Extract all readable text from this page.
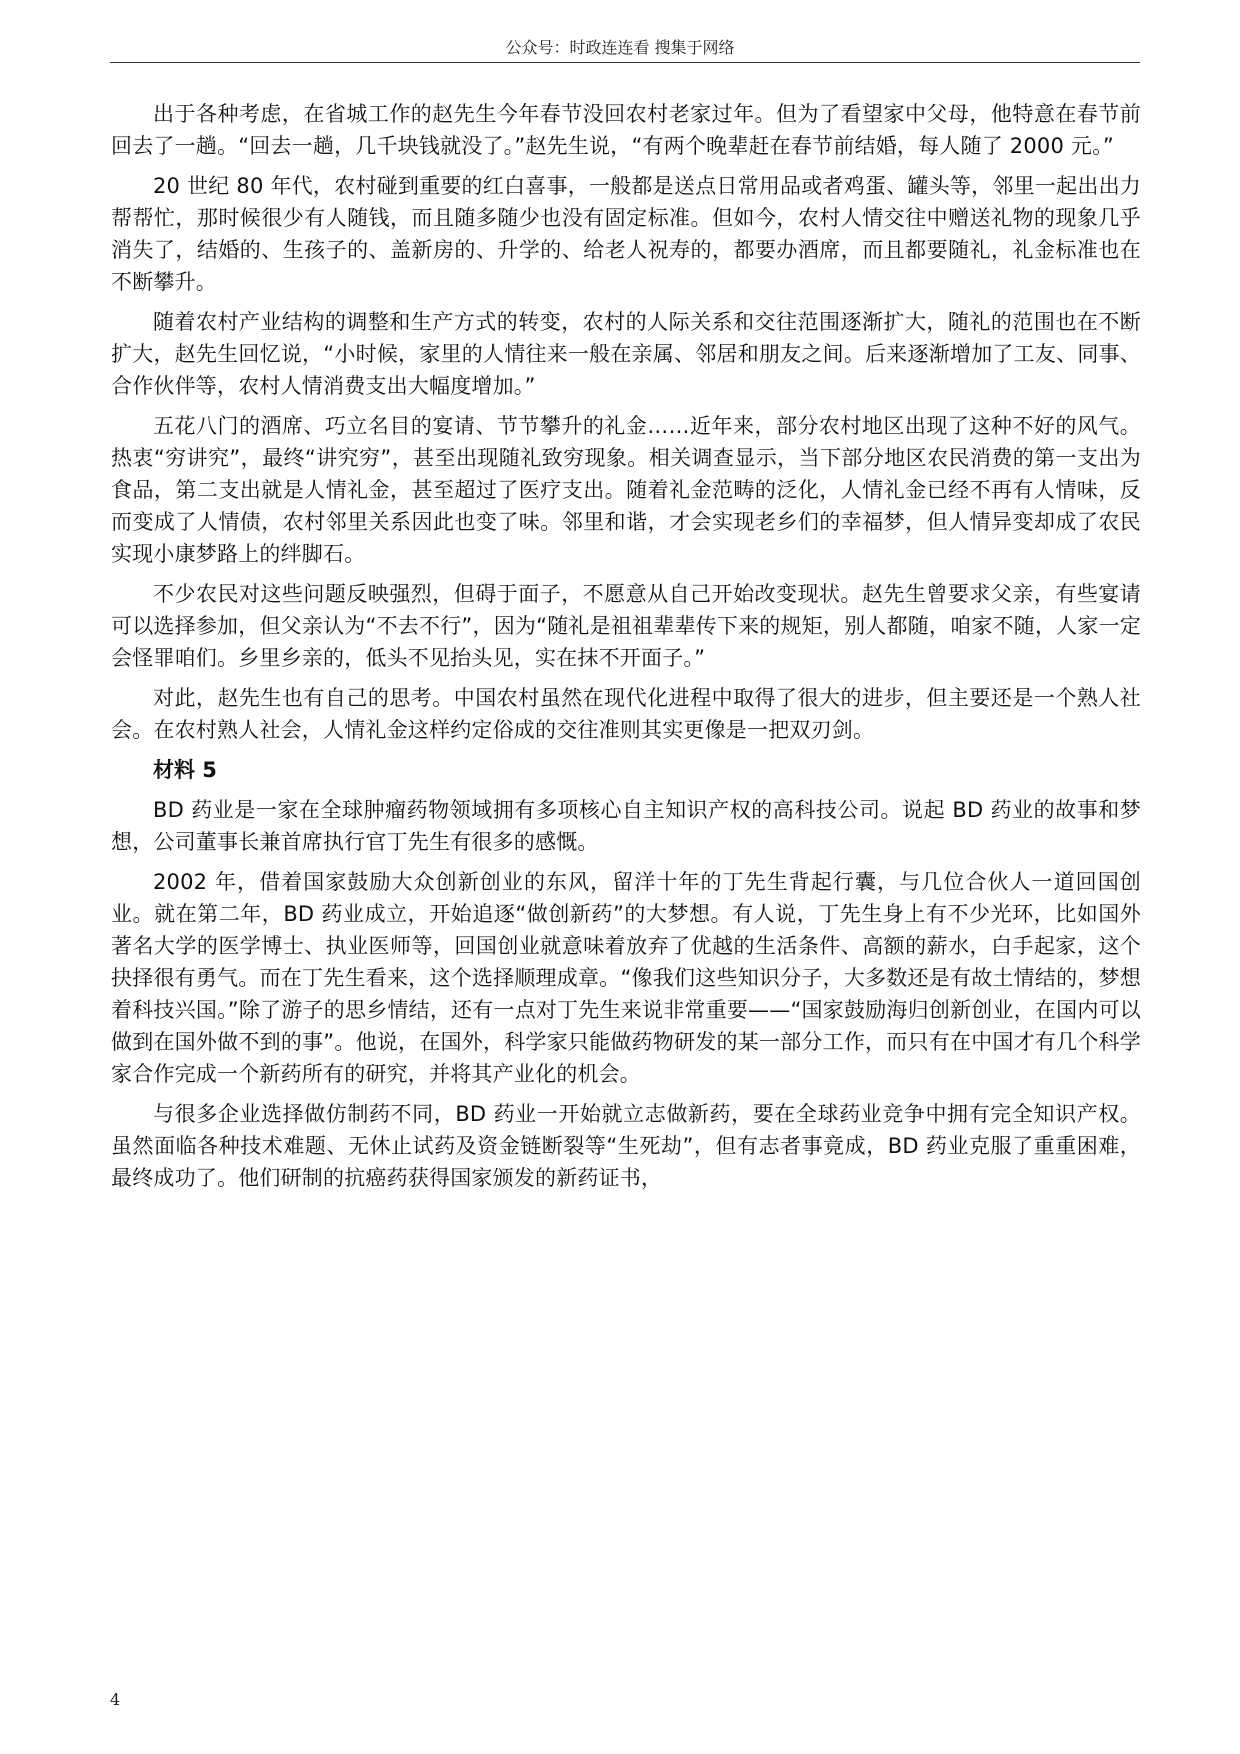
公众号：时政连连看 搜集于网络

出于各种考虑，在省城工作的赵先生今年春节没回农村老家过年。但为了看望家中父母，他特意在春节前回去了一趟。“回去一趟，几千块钱就没了。”赵先生说，“有两个晚辈赶在春节前结婚，每人随了 2000 元。”

20 世纪 80 年代，农村碰到重要的红白喜事，一般都是送点日常用品或者鸡蛋、罐头等，邻里一起出出力帮帮忙，那时候很少有人随钱，而且随多随少也没有固定标准。但如今，农村人情交往中赠送礼物的现象几乎消失了，结婚的、生孩子的、盖新房的、升学的、给老人祝寿的，都要办酒席，而且都要随礼，礼金标准也在不断攀升。

随着农村产业结构的调整和生产方式的转变，农村的人际关系和交往范围逐渐扩大，随礼的范围也在不断扩大，赵先生回忆说，“小时候，家里的人情往来一般在亲属、邻居和朋友之间。后来逐渐增加了工友、同事、合作伙伴等，农村人情消费支出大幅度增加。”

五花八门的酒席、巧立名目的宴请、节节攀升的礼金……近年来，部分农村地区出现了这种不好的风气。热衷“穷讲究”，最终“讲究穷”，甚至出现随礼致穷现象。相关调查显示，当下部分地区农民消费的第一支出为食品，第二支出就是人情礼金，甚至超过了医疗支出。随着礼金范畴的泛化，人情礼金已经不再有人情味，反而变成了人情债，农村邻里关系因此也变了味。邻里和谐，才会实现老乡们的幸福梦，但人情异变却成了农民实现小康梦路上的绊脚石。

不少农民对这些问题反映强烈，但碍于面子，不愿意从自己开始改变现状。赵先生曾要求父亲，有些宴请可以选择参加，但父亲认为“不去不行”，因为“随礼是祖祖辈辈传下来的规矩，别人都随，咱家不随，人家一定会怪罪咱们。乡里乡亲的，低头不见抬头见，实在抹不开面子。”

对此，赵先生也有自己的思考。中国农村虽然在现代化进程中取得了很大的进步，但主要还是一个熟人社会。在农村熟人社会，人情礼金这样约定俗成的交往准则其实更像是一把双刃剑。

材料 5

BD 药业是一家在全球肿瘤药物领域拥有多项核心自主知识产权的高科技公司。说起 BD 药业的故事和梦想，公司董事长兼首席执行官丁先生有很多的感慨。

2002 年，借着国家鼓励大众创新创业的东风，留洋十年的丁先生背起行囊，与几位合伙人一道回国创业。就在第二年，BD 药业成立，开始追逐“做创新药”的大梦想。有人说，丁先生身上有不少光环，比如国外著名大学的医学博士、执业医师等，回国创业就意味着放弃了优越的生活条件、高额的薪水，白手起家，这个抉择很有勇气。而在丁先生看来，这个选择顺理成章。“像我们这些知识分子，大多数还是有故土情结的，梦想着科技兴国。”除了游子的思乡情结，还有一点对丁先生来说非常重要——“国家鼓励海归创新创业，在国内可以做到在国外做不到的事”。他说，在国外，科学家只能做药物研发的某一部分工作，而只有在中国才有几个科学家合作完成一个新药所有的研究，并将其产业化的机会。

与很多企业选择做仿制药不同，BD 药业一开始就立志做新药，要在全球药业竞争中拥有完全知识产权。虽然面临各种技术难题、无休止试药及资金链断裂等“生死劫”，但有志者事竟成，BD 药业克服了重重困难，最终成功了。他们研制的抗癌药获得国家颁发的新药证书，

4
